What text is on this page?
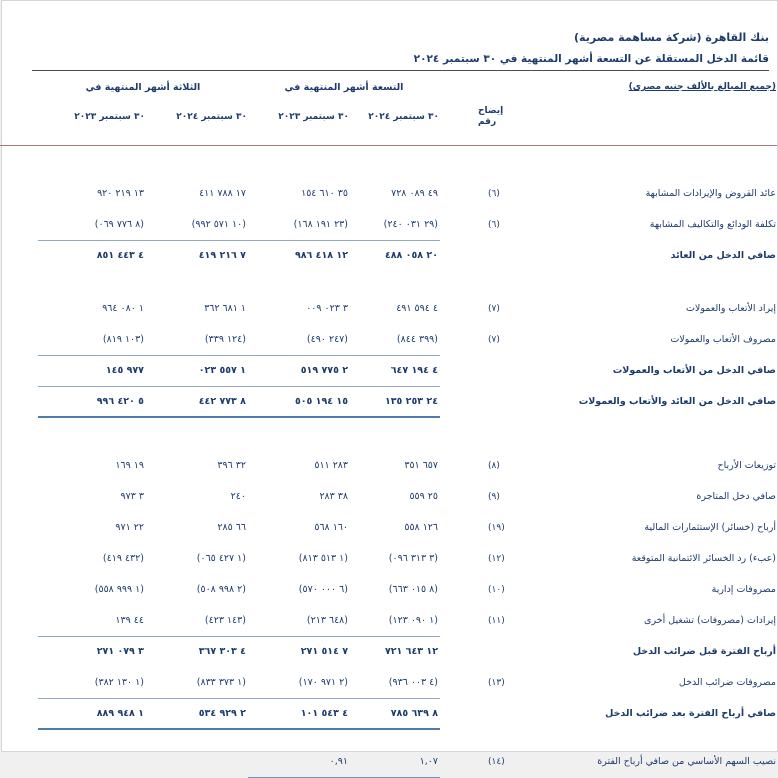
بنك القاهرة (شركة مساهمة مصرية)
قائمة الدخل المستقلة عن التسعة أشهر المنتهية في ٣٠ سبتمبر ٢٠٢٤
(جميع المبالغ بالألف جنيه مصرى)		التسعة أشهر المنتهية في		الثلاثة أشهر المنتهية في		
	إيضاح
رقم	٣٠ سبتمبر ٢٠٢٤	٣٠ سبتمبر ٢٠٢٣	٣٠ سبتمبر ٢٠٢٤	٣٠ سبتمبر ٢٠٢٣	

عائد القروض والإيرادات المشابهة	(٦)	٤٩ ٠٨٩ ٧٢٨	٣٥ ٦١٠ ١٥٤	١٧ ٧٨٨ ٤١١	١٣ ٢١٩ ٩٢٠	
تكلفة الودائع والتكاليف المشابهة	(٦)	(٢٩ ٠٣١ ٢٤٠)	(٢٣ ١٩١ ١٦٨)	(١٠ ٥٧١ ٩٩٢)	(٨ ٧٧٦ ٠٦٩)	
صافي الدخل من العائد		٢٠ ٠٥٨ ٤٨٨	١٢ ٤١٨ ٩٨٦	٧ ٢١٦ ٤١٩	٤ ٤٤٣ ٨٥١	

إيراد الأتعاب والعمولات	(٧)	٤ ٥٩٤ ٤٩١	٣ ٠٢٣ ٠٠٩	١ ٦٨١ ٣٦٢	١ ٠٨٠ ٩٦٤	
مصروف الأتعاب والعمولات	(٧)	(٣٩٩ ٨٤٤)	(٢٤٧ ٤٩٠)	(١٢٤ ٣٣٩)	(١٠٣ ٨١٩)	
صافي الدخل من الأتعاب والعمولات		٤ ١٩٤ ٦٤٧	٢ ٧٧٥ ٥١٩	١ ٥٥٧ ٠٢٣	٩٧٧ ١٤٥	
صافي الدخل من العائد والأتعاب والعمولات		٢٤ ٢٥٣ ١٣٥	١٥ ١٩٤ ٥٠٥	٨ ٧٧٣ ٤٤٢	٥ ٤٢٠ ٩٩٦	

توزيعات الأرباح	(٨)	٦٥٧ ٣٥١	٢٨٣ ٥١١	٣٢ ٣٩٦	١٩ ١٦٩	
صافي دخل المتاجرة	(٩)	٢٥ ٥٥٩	٣٨ ٢٨٣	٢٤٠	٣ ٩٧٣	
أرباح (خسائر) الإستثمارات المالية	(١٩)	١٢٦ ٥٥٨	١٦٠ ٥٦٨	٦٦ ٢٨٥	٢٢ ٩٧١	
(عبء) رد الخسائر الائتمانية المتوقعة	(١٢)	(٣ ٣١٣ ٠٩٦)	(١ ٥١٣ ٨١٣)	(١ ٤٢٧ ٠٦٥)	(٤٣٢ ٤١٩)	
مصروفات إدارية	(١٠)	(٨ ٠١٥ ٦٦٣)	(٦ ٠٠٠ ٥٧٠)	(٢ ٩٩٨ ٥٠٨)	(١ ٩٩٩ ٥٥٨)	
إيرادات (مصروفات) تشغيل أخرى	(١١)	(١ ٠٩٠ ١٢٣)	(٦٤٨ ٢١٣)	(١٤٣ ٤٢٣)	٤٤ ١٣٩	
أرباح الفترة قبل ضرائب الدخل		١٢ ٦٤٣ ٧٢١	٧ ٥١٤ ٢٧١	٤ ٣٠٣ ٣٦٧	٣ ٠٧٩ ٢٧١	
مصروفات ضرائب الدخل	(١٣)	(٤ ٠٠٣ ٩٣٦)	(٢ ٩٧١ ١٧٠)	(١ ٣٧٣ ٨٣٣)	(١ ١٣٠ ٣٨٢)	
صافي أرباح الفترة بعد ضرائب الدخل		٨ ٦٣٩ ٧٨٥	٤ ٥٤٣ ١٠١	٢ ٩٢٩ ٥٣٤	١ ٩٤٨ ٨٨٩	

نصيب السهم الأساسي من صافي أرباح الفترة	(١٤)	١,٠٧	٠,٩١			
